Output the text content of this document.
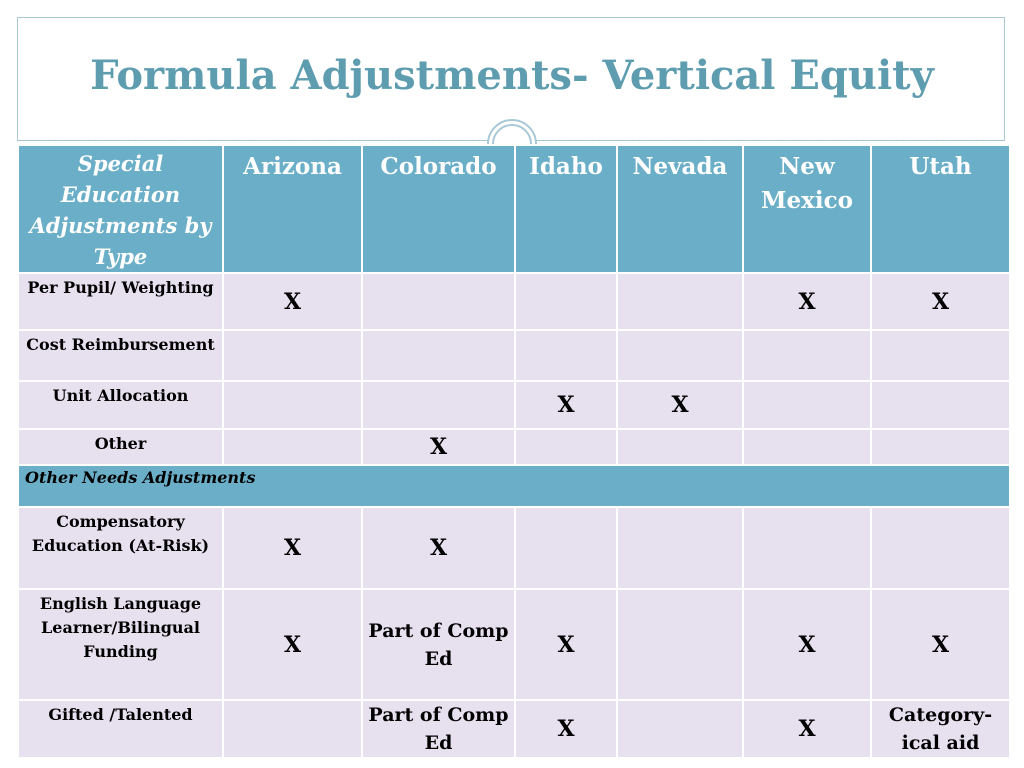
Formula Adjustments- Vertical Equity
Special Education Adjustments by Type	Arizona	Colorado	Idaho	Nevada	New Mexico	Utah
Per Pupil/ Weighting	X				X	X
Cost Reimbursement						
Unit Allocation			X	X		
Other		X				
Other Needs Adjustments						
Compensatory Education (At-Risk)	X	X				
English Language Learner/Bilingual Funding	X	Part of Comp Ed	X		X	X
Gifted /Talented		Part of Comp Ed	X		X	Category-ical aid
